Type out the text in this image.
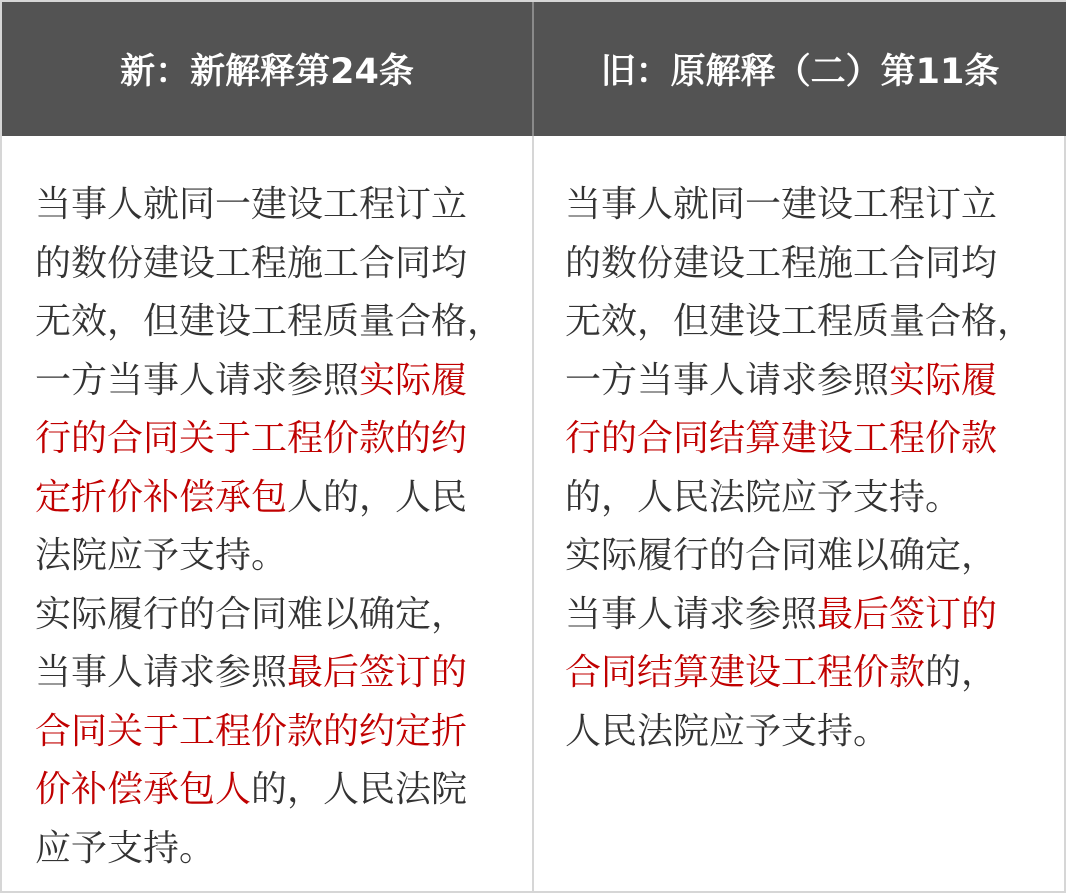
新：新解释第24条	旧：原解释（二）第11条
当事人就同一建设工程订立
的数份建设工程施工合同均
无效，但建设工程质量合格，
一方当事人请求参照实际履
行的合同关于工程价款的约
定折价补偿承包人的，人民
法院应予支持。
实际履行的合同难以确定，
当事人请求参照最后签订的
合同关于工程价款的约定折
价补偿承包人的，人民法院
应予支持。
当事人就同一建设工程订立
的数份建设工程施工合同均
无效，但建设工程质量合格，
一方当事人请求参照实际履
行的合同结算建设工程价款
的，人民法院应予支持。
实际履行的合同难以确定，
当事人请求参照最后签订的
合同结算建设工程价款的，
人民法院应予支持。
